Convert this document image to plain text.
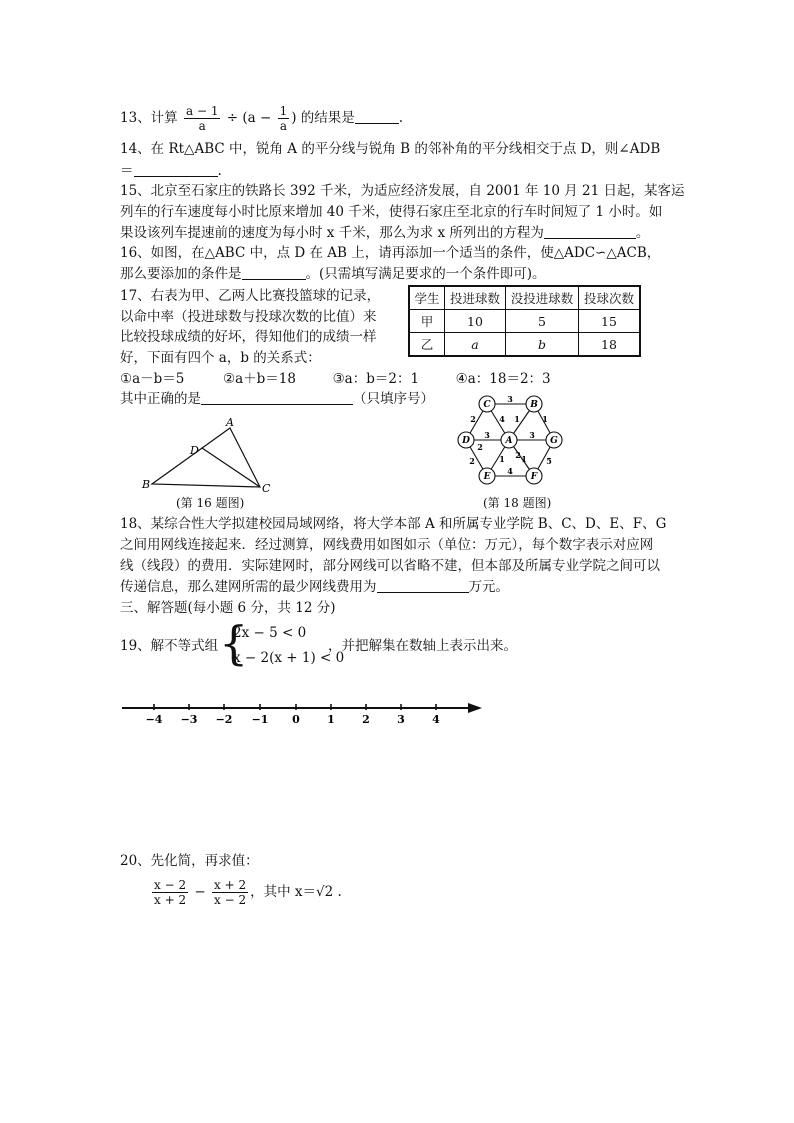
13、计算 $\frac{a - 1}{a} \div (a - \frac{1}{a}$ ) 的结果是	.
14、在 Rt△ABC 中，锐角 A 的平分线与锐角 B 的邻补角的平分线相交于点 D，则∠ADB
＝	.
15、北京至石家庄的铁路长 392 千米，为适应经济发展，自 2001 年 10 月 21 日起，某客运
列车的行车速度每小时比原来增加 40 千米，使得石家庄至北京的行车时间短了 1 小时。如
果设该列车提速前的速度为每小时 x 千米，那么为求 x 所列出的方程为	。
16、如图，在△ABC 中，点 D 在 AB 上，请再添加一个适当的条件，使△ADC∽△ACB，
那么要添加的条件是	。(只需填写满足要求的一个条件即可)。
17、右表为甲、乙两人比赛投篮球的记录，
以命中率（投进球数与投球次数的比值）来
比较投球成绩的好坏，得知他们的成绩一样
好，下面有四个 a，b 的关系式：
①a－b＝5	②a＋b＝18	③a：b＝2：1	④a：18＝2：3
其中正确的是	（只填序号）
学生	投进球数	没投进球数	投球次数
甲	10	5	15
乙	a	b	18
A
B	C
D
(第 16 题图)
3
2	4 1	1
3	3
2	1 2
4
5
1
2
C	B
D	A	G
E	F
(第 18 题图)
18、某综合性大学拟建校园局域网络，将大学本部 A 和所属专业学院 B、C、D、E、F、G
之间用网线连接起来．经过测算，网线费用如图如示（单位：万元），每个数字表示对应网
线（线段）的费用．实际建网时，部分网线可以省略不建，但本部及所属专业学院之间可以
传递信息，那么建网所需的最少网线费用为	万元。
三、解答题(每小题 6 分，共 12 分)
19、解不等式组 {
2x − 5 < 0
x − 2(x + 1) < 0
，并把解集在数轴上表示出来。
−4 −3 −2 −1 0 1 2 3 4
20、先化简，再求值：
$\frac{x - 2}{x + 2} - \frac{x + 2}{x - 2}$ ，其中 x＝√2 .
